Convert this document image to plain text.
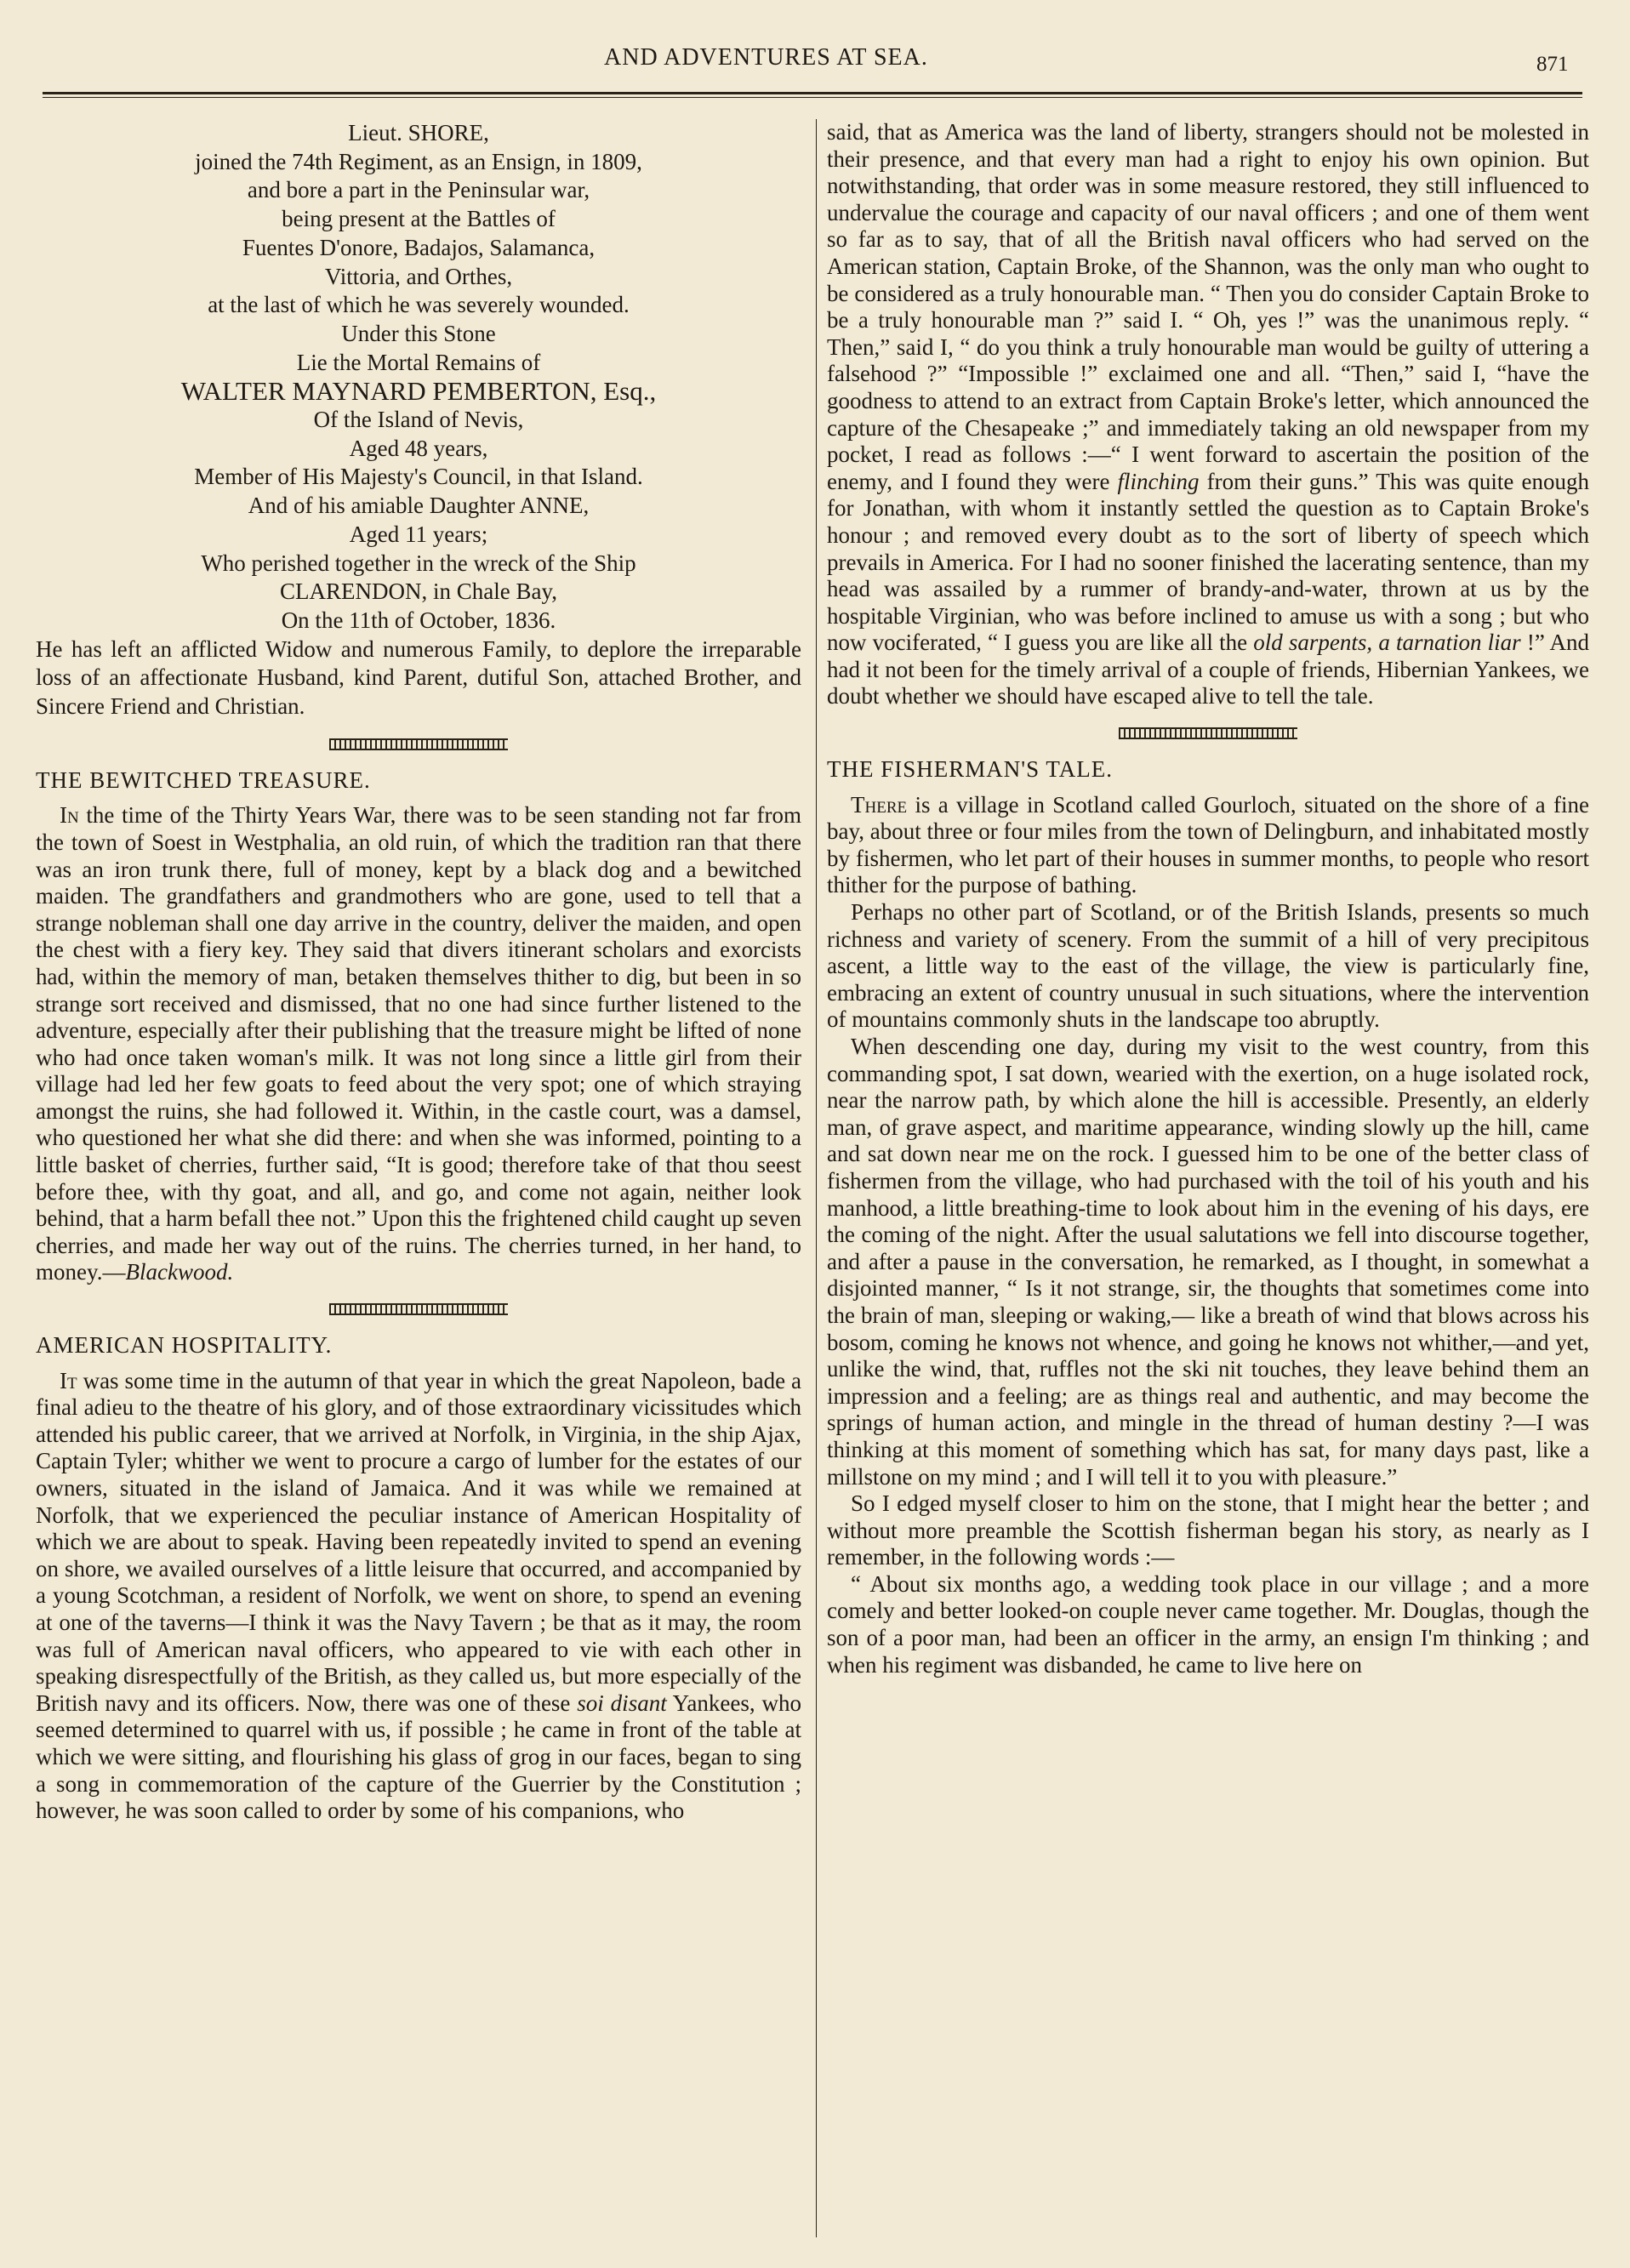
AND ADVENTURES AT SEA.	871
Lieut. SHORE,
joined the 74th Regiment, as an Ensign, in 1809,
and bore a part in the Peninsular war,
being present at the Battles of
Fuentes D'onore, Badajos, Salamanca,
Vittoria, and Orthes,
at the last of which he was severely wounded.
Under this Stone
Lie the Mortal Remains of
WALTER MAYNARD PEMBERTON, Esq.,
Of the Island of Nevis,
Aged 48 years,
Member of His Majesty's Council, in that Island.
And of his amiable Daughter ANNE,
Aged 11 years;
Who perished together in the wreck of the Ship
CLARENDON, in Chale Bay,
On the 11th of October, 1836.

He has left an afflicted Widow and numerous Family, to deplore the irreparable loss of an affectionate Husband, kind Parent, dutiful Son, attached Brother, and Sincere Friend and Christian.

THE BEWITCHED TREASURE.

In the time of the Thirty Years War, there was to be seen standing not far from the town of Soest in Westphalia, an old ruin, of which the tradition ran that there was an iron trunk there, full of money, kept by a black dog and a bewitched maiden. The grandfathers and grandmothers who are gone, used to tell that a strange nobleman shall one day arrive in the country, deliver the maiden, and open the chest with a fiery key. They said that divers itinerant scholars and exorcists had, within the memory of man, betaken themselves thither to dig, but been in so strange sort received and dismissed, that no one had since further listened to the adventure, especially after their publishing that the treasure might be lifted of none who had once taken woman's milk. It was not long since a little girl from their village had led her few goats to feed about the very spot; one of which straying amongst the ruins, she had followed it. Within, in the castle court, was a damsel, who questioned her what she did there: and when she was informed, pointing to a little basket of cherries, further said, “It is good; therefore take of that thou seest before thee, with thy goat, and all, and go, and come not again, neither look behind, that a harm befall thee not.” Upon this the frightened child caught up seven cherries, and made her way out of the ruins. The cherries turned, in her hand, to money.—Blackwood.

AMERICAN HOSPITALITY.

It was some time in the autumn of that year in which the great Napoleon, bade a final adieu to the theatre of his glory, and of those extraordinary vicissitudes which attended his public career, that we arrived at Norfolk, in Virginia, in the ship Ajax, Captain Tyler; whither we went to procure a cargo of lumber for the estates of our owners, situated in the island of Jamaica. And it was while we remained at Norfolk, that we experienced the peculiar instance of American Hospitality of which we are about to speak. Having been repeatedly invited to spend an evening on shore, we availed ourselves of a little leisure that occurred, and accompanied by a young Scotchman, a resident of Norfolk, we went on shore, to spend an evening at one of the taverns—I think it was the Navy Tavern ; be that as it may, the room was full of American naval officers, who appeared to vie with each other in speaking disrespectfully of the British, as they called us, but more especially of the British navy and its officers. Now, there was one of these soi disant Yankees, who seemed determined to quarrel with us, if possible ; he came in front of the table at which we were sitting, and flourishing his glass of grog in our faces, began to sing a song in commemoration of the capture of the Guerrier by the Constitution ; however, he was soon called to order by some of his companions, who

said, that as America was the land of liberty, strangers should not be molested in their presence, and that every man had a right to enjoy his own opinion. But notwithstanding, that order was in some measure restored, they still influenced to undervalue the courage and capacity of our naval officers ; and one of them went so far as to say, that of all the British naval officers who had served on the American station, Captain Broke, of the Shannon, was the only man who ought to be considered as a truly honourable man. “ Then you do consider Captain Broke to be a truly honourable man ?” said I. “ Oh, yes !” was the unanimous reply. “ Then,” said I, “ do you think a truly honourable man would be guilty of uttering a falsehood ?” “Impossible !” exclaimed one and all. “Then,” said I, “have the goodness to attend to an extract from Captain Broke's letter, which announced the capture of the Chesapeake ;” and immediately taking an old newspaper from my pocket, I read as follows :—“ I went forward to ascertain the position of the enemy, and I found they were flinching from their guns.” This was quite enough for Jonathan, with whom it instantly settled the question as to Captain Broke's honour ; and removed every doubt as to the sort of liberty of speech which prevails in America. For I had no sooner finished the lacerating sentence, than my head was assailed by a rummer of brandy-and-water, thrown at us by the hospitable Virginian, who was before inclined to amuse us with a song ; but who now vociferated, “ I guess you are like all the old sarpents, a tarnation liar !” And had it not been for the timely arrival of a couple of friends, Hibernian Yankees, we doubt whether we should have escaped alive to tell the tale.

THE FISHERMAN'S TALE.

There is a village in Scotland called Gourloch, situated on the shore of a fine bay, about three or four miles from the town of Delingburn, and inhabitated mostly by fishermen, who let part of their houses in summer months, to people who resort thither for the purpose of bathing.

Perhaps no other part of Scotland, or of the British Islands, presents so much richness and variety of scenery. From the summit of a hill of very precipitous ascent, a little way to the east of the village, the view is particularly fine, embracing an extent of country unusual in such situations, where the intervention of mountains commonly shuts in the landscape too abruptly.

When descending one day, during my visit to the west country, from this commanding spot, I sat down, wearied with the exertion, on a huge isolated rock, near the narrow path, by which alone the hill is accessible. Presently, an elderly man, of grave aspect, and maritime appearance, winding slowly up the hill, came and sat down near me on the rock. I guessed him to be one of the better class of fishermen from the village, who had purchased with the toil of his youth and his manhood, a little breathing-time to look about him in the evening of his days, ere the coming of the night. After the usual salutations we fell into discourse together, and after a pause in the conversation, he remarked, as I thought, in somewhat a disjointed manner, “ Is it not strange, sir, the thoughts that sometimes come into the brain of man, sleeping or waking,— like a breath of wind that blows across his bosom, coming he knows not whence, and going he knows not whither,—and yet, unlike the wind, that, ruffles not the ski nit touches, they leave behind them an impression and a feeling; are as things real and authentic, and may become the springs of human action, and mingle in the thread of human destiny ?—I was thinking at this moment of something which has sat, for many days past, like a millstone on my mind ; and I will tell it to you with pleasure.”

So I edged myself closer to him on the stone, that I might hear the better ; and without more preamble the Scottish fisherman began his story, as nearly as I remember, in the following words :—

“ About six months ago, a wedding took place in our village ; and a more comely and better looked-on couple never came together. Mr. Douglas, though the son of a poor man, had been an officer in the army, an ensign I'm thinking ; and when his regiment was disbanded, he came to live here on
